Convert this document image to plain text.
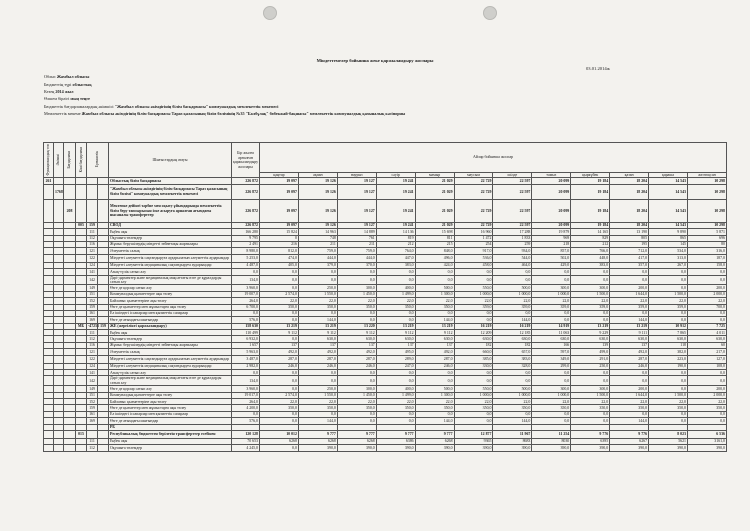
Міндеттемелер бойынша жеке қаржыландыру жоспары
03.01.2014ж
Облыс Жамбыл облысы
Бюджеттің түрі облыстық
Кезең 2014 жыл
Өлшем бірлігі мың теңге
Бюджеттік бағдарламалардың әкімшісі "Жамбыл облысы әкімдігінің білім басқармасы" коммуналдық мемлекеттік мекемесі
Мемлекеттік мекеме Жамбыл облысы әкімдігінің білім басқармасы Тараз қаласының білім бөлімінің №35 "Балбұлақ" бөбекжай-бақшасы" мемлекеттік коммуналдық қазыналық кәсіпорны
Функционалдық топ	Әкімші	Бағдарлама	Кіші бағдарлама	Ерекшелік		Шығыстардың атауы	Бір жылға арналған қаржыландыру жоспары	Айлар бойынша жоспар											
								қаңтар	ақпан	наурыз	сәуір	мамыр	маусым	шілде	тамыз	қыркүйек	қазан	қараша	желтоқсан
261						Облыстық білім басқармасы	226 872	19 097	19 126	19 127	19 241	21 029	22 729	22 597	20 099	19 184	18 204	14 543	10 298
	1768					"Жамбыл облысы әкімдігінің білім басқармасы Тараз қаласының білім бөлімі" коммуналдық мемлекеттік мекемесі	226 872	19 097	19 126	19 127	19 241	21 029	22 729	22 597	20 099	19 184	18 204	14 543	10 298
		208				Мектепке дейінгі тәрбие мен оқыту ұйымдарында мемлекеттік білім беру тапсырысын іске асыруға арналған ағымдағы нысаналы трансферттер	226 872	19 097	19 126	19 127	19 241	21 029	22 729	22 597	20 099	19 184	18 204	14 543	10 298
			005	159		СВОД	226 872	19 097	19 126	19 127	19 241	21 029	22 729	22 597	20 099	19 184	18 204	14 543	10 298
				111		Еңбек ақы	166 280	15 824	14 963	14 889	14 136	15 698	16 960	17 288	19 879	14 165	13 190	9 890	5 871
				112		Оқушыға төлемдер	9 795	0	748	761	819	811	1 472	1 833	969	829	805	865	696
				116		Жұмыс берушілердің міндетті зейнетақы жарналары	2 491	216	211	211	212	215	254	259	218	212	195	145	80
				121		Әлеуметтік салық	8 980,0	812,0	759,0	759,0	764,0	848,0	917,0	934,0	857,0	766,0	712,0	534,0	316,0
				122		Міндетті әлеуметтік сақтандыруға аударылатын әлеуметтік аударымдар	5 253,0	474,0	444,0	444,0	447,0	496,0	536,0	544,0	502,0	448,0	417,0	313,0	187,0
				124		Міндетті әлеуметтік медициналық сақтандыруға аударымдар	4 487,0	405,0	379,0	370,0	383,0	424,0	458,0	464,0	429,0	383,0	357,0	267,0	158,0
				141		Азық-түлік сатып алу	0,0	0,0	0,0	0,0	0,0	0,0	0,0	0,0	0,0	0,0	0,0	0,0	0,0
				142		Дәрі-дәрмектер және медициналық мақсаттағы өзге де құралдарды сатып алу	134,0	0,0	0,0	0,0	0,0	0,0	0,0	0,0	0,0	0,0	0,0	0,0	0,0
				149		Өзге де қорлар сатып алу	3 960,0	0,0	250,0	300,0	400,0	500,0	550,0	500,0	300,0	300,0	200,0	0,0	200,0
				151		Коммуналдық қызметтерге ақы төлеу	19 007,0	2 574,0	1 550,0	1 450,0	1 499,0	1 300,0	1 000,0	1 000,0	1 000,0	1 500,0	1 644,0	1 500,0	2 000,0
				152		Байланыс қызметтеріне ақы төлеу	264,0	22,0	22,0	22,0	22,0	22,0	22,0	22,0	22,0	22,0	22,0	22,0	22,0
				159		Өзге де қызметтер мен жұмыстарға ақы төлеу	6 700,0	350,0	350,0	350,0	350,0	350,0	359,0	359,0	359,0	359,0	359,0	359,0	700,0
				161		Ел ішіндегі іссапарлар мен қызметтік сапарлар	0,0	0,0	0,0	0,0	0,0	0,0	0,0	0,0	0,0	0,0	0,0	0,0	0,0
				169		Өзге де ағымдағы шығындар	576,0	0,0	144,0	0,0	0,0	144,0	0,0	144,0	0,0	0,0	144,0	0,0	0,0
			МБ	-47251	159	ЖЕ (жергілікті қаржыландыру)	158 630	13 219	13 219	13 220	13 219	13 219	16 219	16 219	14 919	13 219	13 219	10 912	7 725
				111		Еңбек ақы	110 499	9 112	9 112	9 112	9 112	9 112	12 209	12 185	11 063	9 229	9 111	7 865	4 011
				112		Оқушыға төлемдер	6 932,0	0,0	630,0	630,0	630,0	630,0	630,0	630,0	630,0	630,0	630,0	630,0	630,0
				116		Жұмыс берушілердің міндетті зейнетақы жарналары	1 657	137	137	137	137	137	182	182	166	139	137	118	60
				121		Әлеуметтік салық	5 963,0	492,0	492,0	492,0	495,0	492,0	660,0	657,0	597,0	499,0	492,0	382,0	217,0
				122		Міндетті әлеуметтік сақтандыруға аударылатын әлеуметтік аударымдар	3 487,0	287,0	287,0	287,0	289,0	287,0	385,0	383,0	349,0	291,0	287,0	223,0	127,0
				124		Міндетті әлеуметтік медициналық сақтандыруға аударымдар	2 982,0	246,0	246,0	246,0	247,0	246,0	330,0	328,0	299,0	250,0	246,0	190,0	108,0
				141		Азық-түлік сатып алу	0,0	0,0	0,0	0,0	0,0	0,0	0,0	0,0	0,0	0,0	0,0	0,0	0,0
				142		Дәрі-дәрмектер және медициналық мақсаттағы өзге де құралдарды сатып алу	134,0	0,0	0,0	0,0	0,0	0,0	0,0	0,0	0,0	0,0	0,0	0,0	0,0
				149		Өзге де қорлар сатып алу	3 960,0	0,0	250,0	300,0	400,0	500,0	550,0	500,0	300,0	300,0	200,0	0,0	200,0
				151		Коммуналдық қызметтерге ақы төлеу	19 017,0	2 574,0	1 550,0	1 450,0	1 499,0	1 300,0	1 000,0	1 000,0	1 000,0	1 500,0	1 644,0	1 500,0	2 000,0
				152		Байланыс қызметтеріне ақы төлеу	264,0	22,0	22,0	22,0	22,0	22,0	22,0	22,0	22,0	22,0	22,0	22,0	22,0
				159		Өзге де қызметтер мен жұмыстарға ақы төлеу	4 200,0	350,0	350,0	350,0	350,0	350,0	350,0	350,0	350,0	350,0	350,0	350,0	350,0
				161		Ел ішіндегі іссапарлар мен қызметтік сапарлар	0,0	0,0	0,0	0,0	0,0	0,0	0,0	0,0	0,0	0,0	0,0	0,0	0,0
				169		Өзге де ағымдағы шығындар	576,0	0,0	144,0	0,0	0,0	144,0	0,0	144,0	0,0	0,0	144,0	0,0	0,0
						РБ													
			015			Республикалық бюджеттен берілетін трансферттер есебінен	120 128	10 012	9 777	9 777	9 777	9 777	12 877	11 967	11 254	9 776	9 776	8 023	6 536
				111		Еңбек ақы	70 653	6268	6268	6268	6386	6268	9365	8683	8030	6395	6267	5621	3161,0
				112		Оқушыға төлемдер	4 245,0	0,0	390,0	390,0	390,0	390,0	390,0	390,0	390,0	390,0	390,0	390,0	390,0
